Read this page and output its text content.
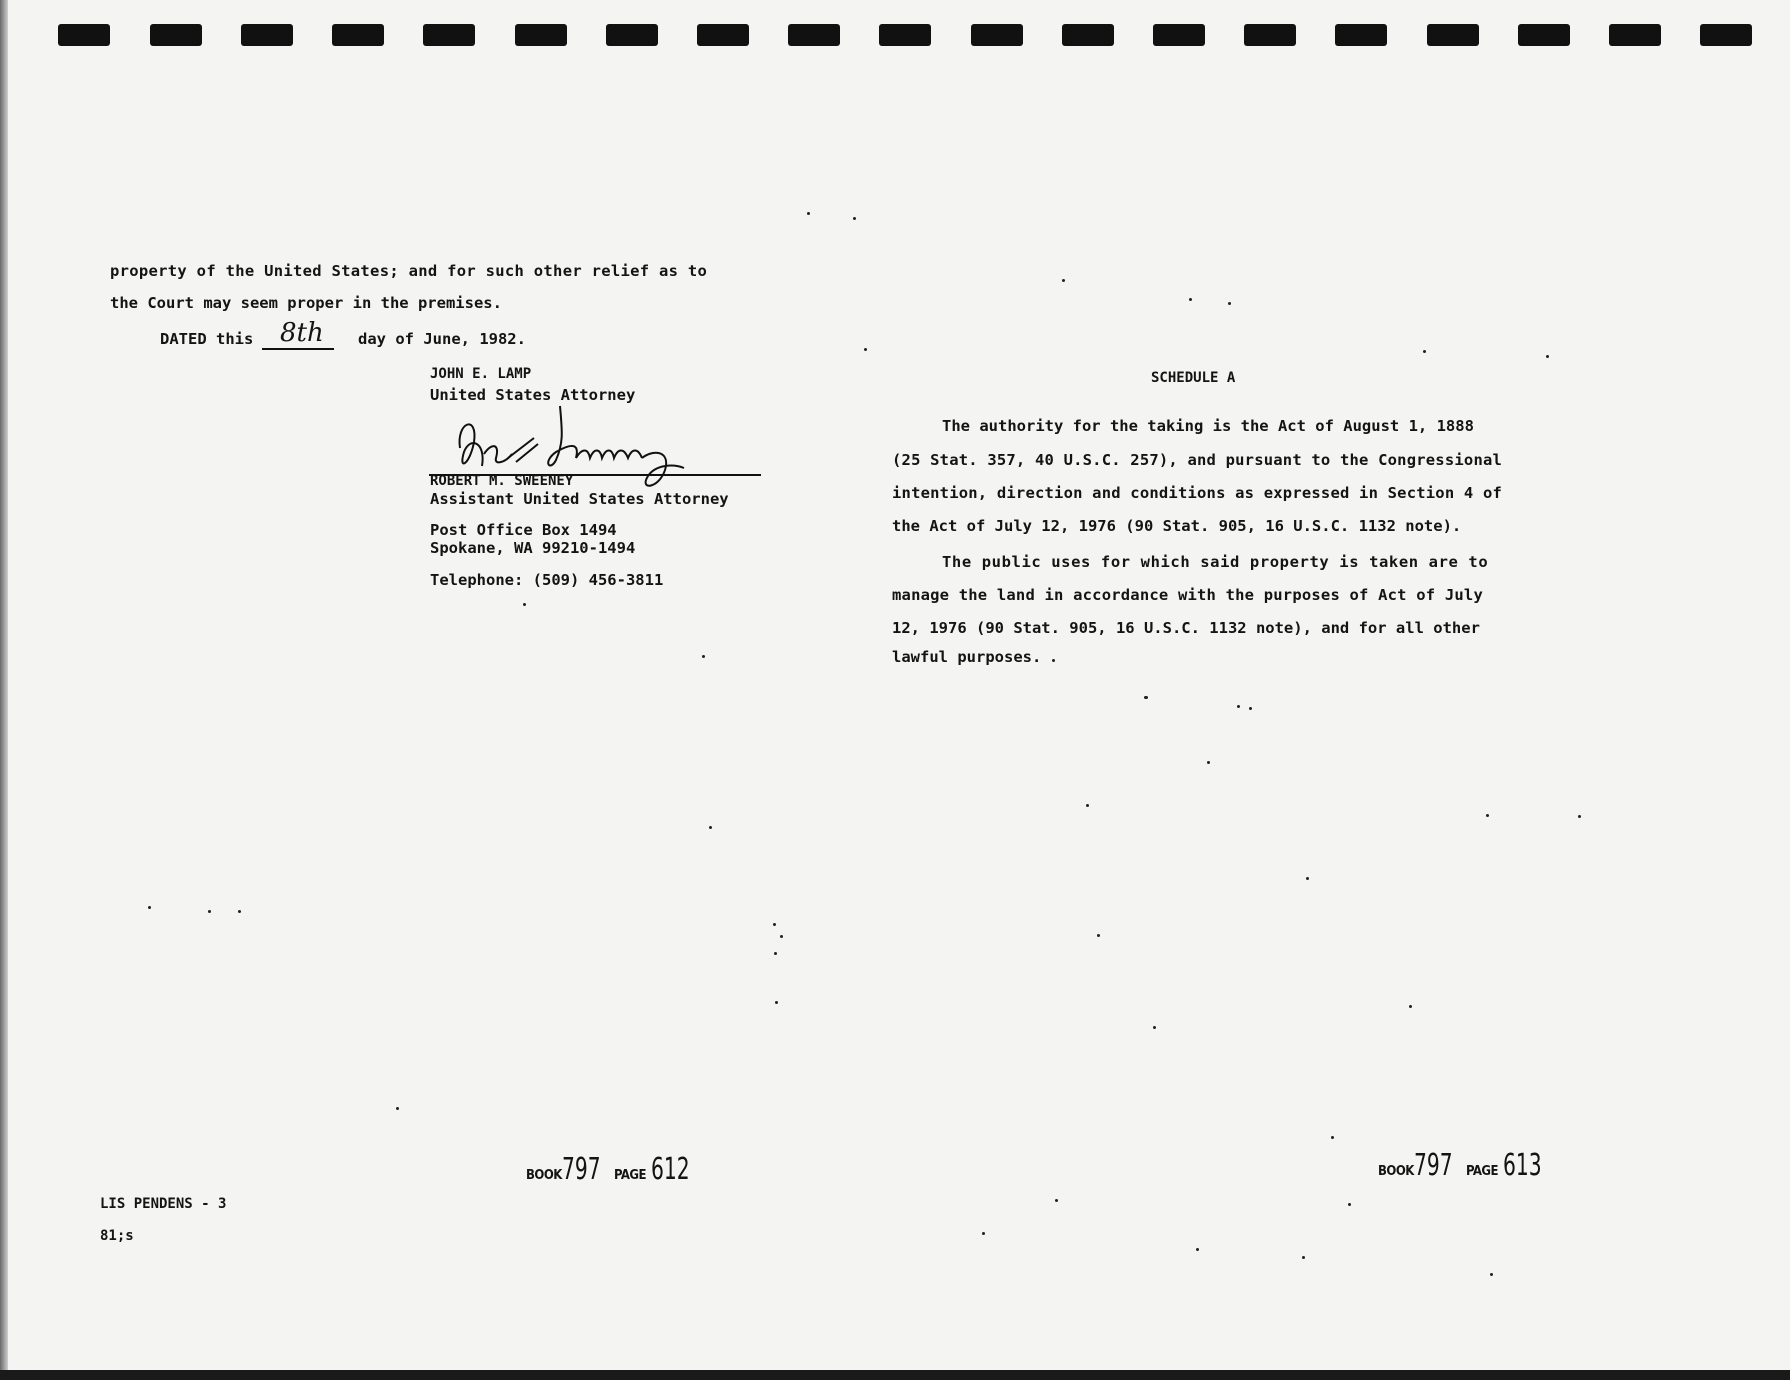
property of the United States; and for such other relief as to
the Court may seem proper in the premises.
DATED this	8th	day of June, 1982.
JOHN E. LAMP
United States Attorney
ROBERT M. SWEENEY
Assistant United States Attorney
Post Office Box 1494
Spokane, WA 99210-1494
Telephone: (509) 456-3811
BOOK797 PAGE 612
LIS PENDENS - 3
81;s
SCHEDULE A
The authority for the taking is the Act of August 1, 1888
(25 Stat. 357, 40 U.S.C. 257), and pursuant to the Congressional
intention, direction and conditions as expressed in Section 4 of
the Act of July 12, 1976 (90 Stat. 905, 16 U.S.C. 1132 note).
The public uses for which said property is taken are to
manage the land in accordance with the purposes of Act of July
12, 1976 (90 Stat. 905, 16 U.S.C. 1132 note), and for all other
lawful purposes.
BOOK797 PAGE 613
